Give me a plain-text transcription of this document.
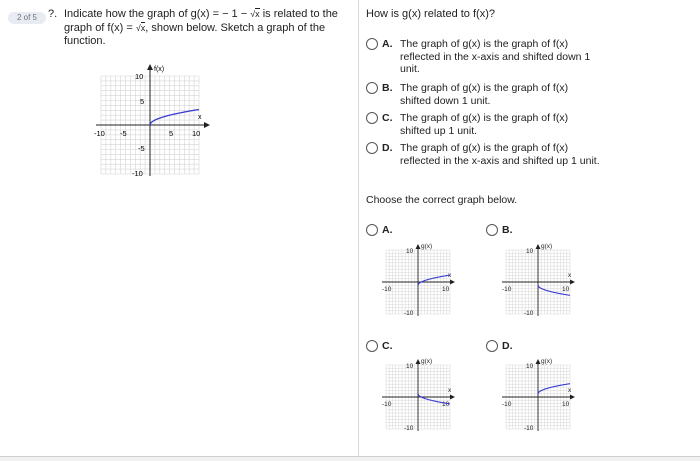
2 of 5	?. Indicate how the graph of g(x) = − 1 − √x is related to the
graph of f(x) = √x, shown below. Sketch a graph of the
function.
f(x)
x
10
5
-5
-10
-10 -5	5	10
How is g(x) related to f(x)?
A. The graph of g(x) is the graph of f(x) reflected in the x-axis and shifted down 1 unit.
B. The graph of g(x) is the graph of f(x) shifted down 1 unit.
C. The graph of g(x) is the graph of f(x) shifted up 1 unit.
D. The graph of g(x) is the graph of f(x) reflected in the x-axis and shifted up 1 unit.
Choose the correct graph below.
A.	B.
C.	D.
g(x)
x
10
-10
-10	10
g(x)
x
10
-10
-10	10
g(x)
x
10
-10
-10	10
g(x)
x
10
-10
-10	10
